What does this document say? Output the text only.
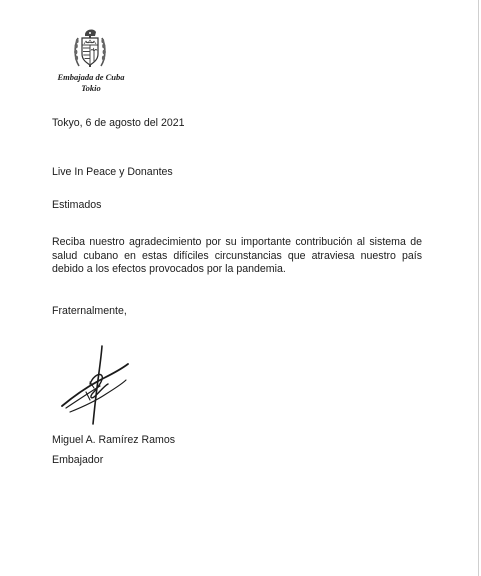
Embajada de Cuba
Tokio
Tokyo, 6 de agosto del 2021
Live In Peace y Donantes
Estimados
Reciba nuestro agradecimiento por su importante contribución al sistema de salud cubano en estas difíciles circunstancias que atraviesa nuestro país debido a los efectos provocados por la pandemia.
Fraternalmente,
Miguel A. Ramírez Ramos
Embajador
